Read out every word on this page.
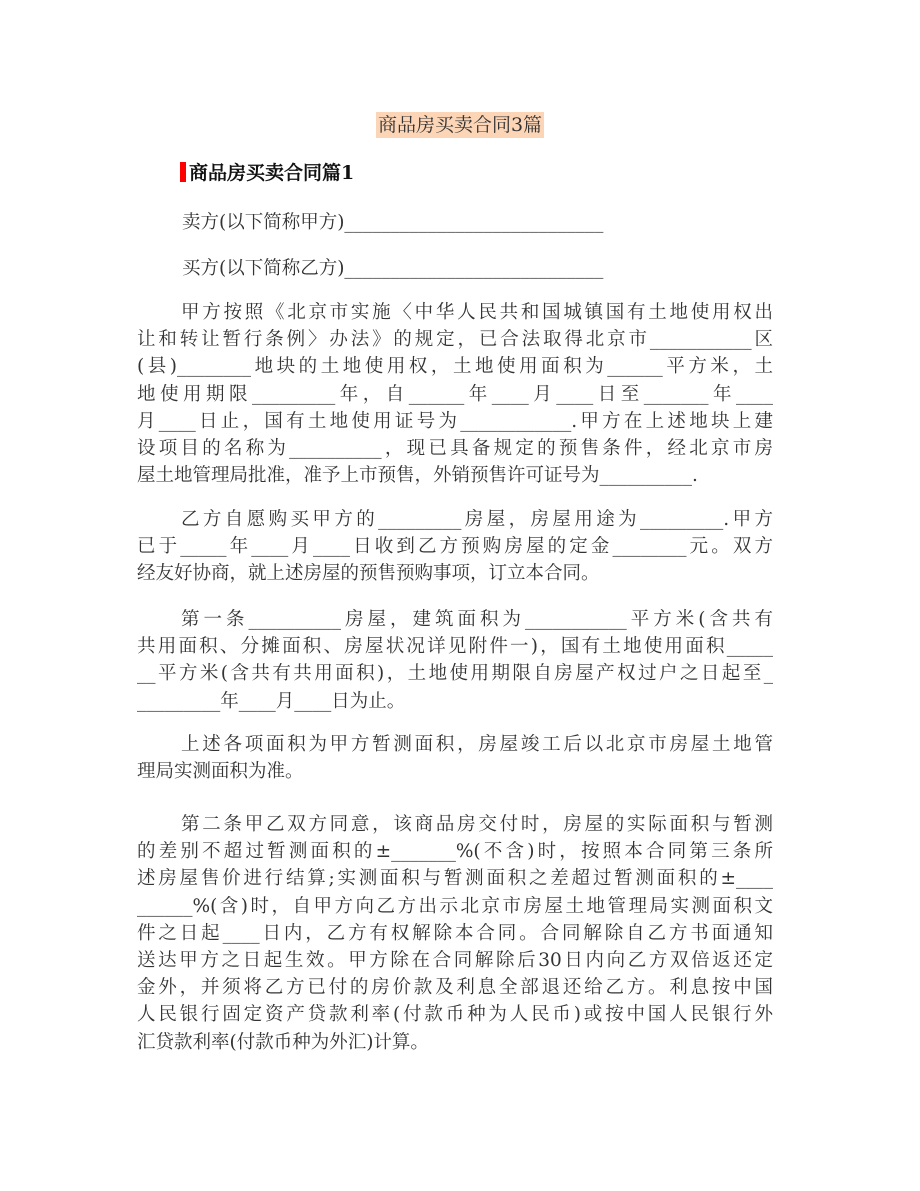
商品房买卖合同3篇
商品房买卖合同篇1
卖方(以下简称甲方)____________________________
买方(以下简称乙方)____________________________
甲方按照《北京市实施〈中华人民共和国城镇国有土地使用权出
让和转让暂行条例〉办法》的规定，已合法取得北京市___________区
(县)________地块的土地使用权，土地使用面积为______平方米，土
地使用期限_________年，自______年____月____日至_______年____
月____日止，国有土地使用证号为____________.甲方在上述地块上建
设项目的名称为__________，现已具备规定的预售条件，经北京市房
屋土地管理局批准，准予上市预售，外销预售许可证号为__________.
乙方自愿购买甲方的_________房屋，房屋用途为_________.甲方
已于_____年____月____日收到乙方预购房屋的定金________元。双方
经友好协商，就上述房屋的预售预购事项，订立本合同。
第一条__________房屋，建筑面积为___________平方米(含共有
共用面积、分摊面积、房屋状况详见附件一)，国有土地使用面积_____
__平方米(含共有共用面积)，土地使用期限自房屋产权过户之日起至_
_________年____月____日为止。
上述各项面积为甲方暂测面积，房屋竣工后以北京市房屋土地管
理局实测面积为准。
第二条甲乙双方同意，该商品房交付时，房屋的实际面积与暂测
的差别不超过暂测面积的±_______%(不含)时，按照本合同第三条所
述房屋售价进行结算;实测面积与暂测面积之差超过暂测面积的±____
______%(含)时，自甲方向乙方出示北京市房屋土地管理局实测面积文
件之日起____日内，乙方有权解除本合同。合同解除自乙方书面通知
送达甲方之日起生效。甲方除在合同解除后30日内向乙方双倍返还定
金外，并须将乙方已付的房价款及利息全部退还给乙方。利息按中国
人民银行固定资产贷款利率(付款币种为人民币)或按中国人民银行外
汇贷款利率(付款币种为外汇)计算。
